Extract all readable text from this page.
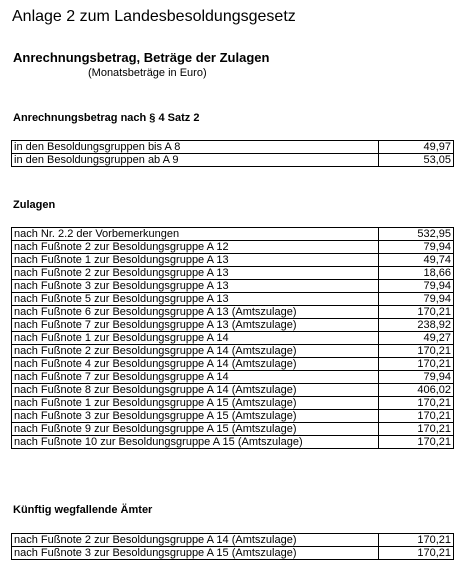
Anlage 2 zum Landesbesoldungsgesetz
Anrechnungsbetrag, Beträge der Zulagen
(Monatsbeträge in Euro)
Anrechnungsbetrag nach § 4 Satz 2
in den Besoldungsgruppen bis A 8	49,97
in den Besoldungsgruppen ab A 9	53,05
Zulagen
nach Nr. 2.2 der Vorbemerkungen	532,95
nach Fußnote 2 zur Besoldungsgruppe A 12	79,94
nach Fußnote 1 zur Besoldungsgruppe A 13	49,74
nach Fußnote 2 zur Besoldungsgruppe A 13	18,66
nach Fußnote 3 zur Besoldungsgruppe A 13	79,94
nach Fußnote 5 zur Besoldungsgruppe A 13	79,94
nach Fußnote 6 zur Besoldungsgruppe A 13 (Amtszulage)	170,21
nach Fußnote 7 zur Besoldungsgruppe A 13 (Amtszulage)	238,92
nach Fußnote 1 zur Besoldungsgruppe A 14	49,27
nach Fußnote 2 zur Besoldungsgruppe A 14 (Amtszulage)	170,21
nach Fußnote 4 zur Besoldungsgruppe A 14 (Amtszulage)	170,21
nach Fußnote 7 zur Besoldungsgruppe A 14	79,94
nach Fußnote 8 zur Besoldungsgruppe A 14 (Amtszulage)	406,02
nach Fußnote 1 zur Besoldungsgruppe A 15 (Amtszulage)	170,21
nach Fußnote 3 zur Besoldungsgruppe A 15 (Amtszulage)	170,21
nach Fußnote 9 zur Besoldungsgruppe A 15 (Amtszulage)	170,21
nach Fußnote 10 zur Besoldungsgruppe A 15 (Amtszulage)	170,21
Künftig wegfallende Ämter
nach Fußnote 2 zur Besoldungsgruppe A 14 (Amtszulage)	170,21
nach Fußnote 3 zur Besoldungsgruppe A 15 (Amtszulage)	170,21
